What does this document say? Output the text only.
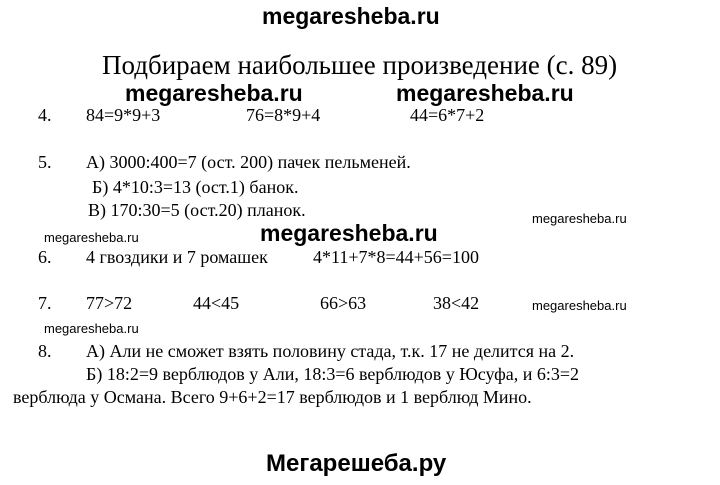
megaresheba.ru
Подбираем наибольшее произведение (с. 89)
megaresheba.ru	megaresheba.ru
4. 84=9*9+3	76=8*9+4	44=6*7+2
5. А) 3000:400=7 (ост. 200) пачек пельменей.
Б) 4*10:3=13 (ост.1) банок.
В) 170:30=5 (ост.20) планок.
megaresheba.ru
megaresheba.ru
megaresheba.ru
6. 4 гвоздики и 7 ромашек	4*11+7*8=44+56=100
7. 77>72	44<45	66>63	38<42	megaresheba.ru
megaresheba.ru
8. А) Али не сможет взять половину стада, т.к. 17 не делится на 2.
Б) 18:2=9 верблюдов у Али, 18:3=6 верблюдов у Юсуфа, и 6:3=2
верблюда у Османа. Всего 9+6+2=17 верблюдов и 1 верблюд Мино.
Мегарешеба.ру
